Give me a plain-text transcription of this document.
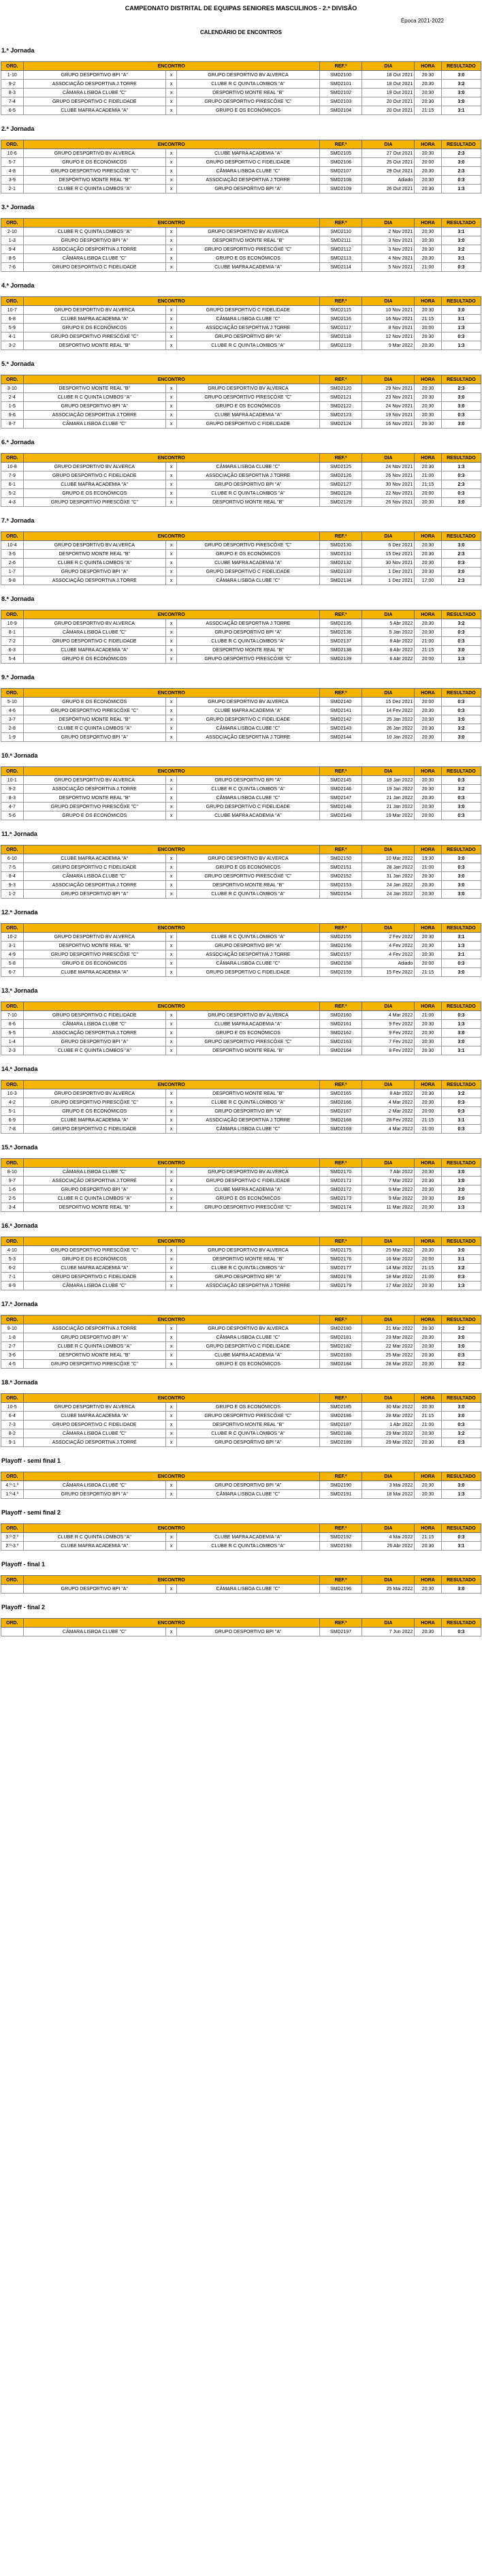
CAMPEONATO DISTRITAL DE EQUIPAS SENIORES MASCULINOS - 2.ª DIVISÃO
Época 2021-2022
CALENDÁRIO DE ENCONTROS
1.ª Jornada
ORD.	ENCONTRO			REF.ª	DIA	HORA	RESULTADO
1-10	GRUPO DESPORTIVO BPI "A"	x	GRUPO DESPORTIVO BV ALVERCA	SMD2100	18 Out 2021	20:30	3:0
9-2	ASSOCIAÇÃO DESPORTIVA J.TORRE	x	CLUBE R C QUINTA LOMBOS "A"	SMD2101	18 Out 2021	20:30	3:2
8-3	CÂMARA LISBOA CLUBE "C"	x	DESPORTIVO MONTE REAL "B"	SMD2102	19 Out 2021	20:30	3:0
7-4	GRUPO DESPORTIVO C FIDELIDADE	x	GRUPO DESPORTIVO PIRESCÔXE "C"	SMD2103	20 Out 2021	20:30	3:0
6-5	CLUBE MAFRA ACADEMIA "A"	x	GRUPO E OS ECONÓMICOS	SMD2104	20 Out 2021	21:15	3:1
2.ª Jornada
ORD.	ENCONTRO			REF.ª	DIA	HORA	RESULTADO
10-6	GRUPO DESPORTIVO BV ALVERCA	x	CLUBE MAFRA ACADEMIA "A"	SMD2105	27 Out 2021	20:30	2:3
5-7	GRUPO E OS ECONÓMICOS	x	GRUPO DESPORTIVO C FIDELIDADE	SMD2106	25 Out 2021	20:00	3:0
4-8	GRUPO DESPORTIVO PIRESCÔXE "C"	x	CÂMARA LISBOA CLUBE "C"	SMD2107	29 Out 2021	20:30	2:3
3-9	DESPORTIVO MONTE REAL "B"	x	ASSOCIAÇÃO DESPORTIVA J.TORRE	SMD2108	Adiado	20:30	0:3
2-1	CLUBE R C QUINTA LOMBOS "A"	x	GRUPO DESPORTIVO BPI "A"	SMD2109	26 Out 2021	20:30	1:3
3.ª Jornada
ORD.	ENCONTRO			REF.ª	DIA	HORA	RESULTADO
2-10	CLUBE R C QUINTA LOMBOS "A"	x	GRUPO DESPORTIVO BV ALVERCA	SMD2110	2 Nov 2021	20:30	3:1
1-3	GRUPO DESPORTIVO BPI "A"	x	DESPORTIVO MONTE REAL "B"	SMD2111	3 Nov 2021	20:30	3:0
9-4	ASSOCIAÇÃO DESPORTIVA J.TORRE	x	GRUPO DESPORTIVO PIRESCÔXE "C"	SMD2112	3 Nov 2021	20:30	3:2
8-5	CÂMARA LISBOA CLUBE "C"	x	GRUPO E OS ECONÓMICOS	SMD2113	4 Nov 2021	20:30	3:1
7-6	GRUPO DESPORTIVO C FIDELIDADE	x	CLUBE MAFRA ACADEMIA "A"	SMD2114	5 Nov 2021	21:00	0:3
4.ª Jornada
ORD.	ENCONTRO			REF.ª	DIA	HORA	RESULTADO
10-7	GRUPO DESPORTIVO BV ALVERCA	x	GRUPO DESPORTIVO C FIDELIDADE	SMD2115	10 Nov 2021	20:30	3:0
6-8	CLUBE MAFRA ACADEMIA "A"	x	CÂMARA LISBOA CLUBE "C"	SMD2116	16 Nov 2021	21:15	3:1
5-9	GRUPO E OS ECONÓMICOS	x	ASSOCIAÇÃO DESPORTIVA J.TORRE	SMD2117	8 Nov 2021	20:00	1:3
4-1	GRUPO DESPORTIVO PIRESCÔXE "C"	x	GRUPO DESPORTIVO BPI "A"	SMD2118	12 Nov 2021	20:30	0:3
3-2	DESPORTIVO MONTE REAL "B"	x	CLUBE R C QUINTA LOMBOS "A"	SMD2119	9 Mar 2022	20:30	1:3
5.ª Jornada
ORD.	ENCONTRO			REF.ª	DIA	HORA	RESULTADO
3-10	DESPORTIVO MONTE REAL "B"	x	GRUPO DESPORTIVO BV ALVERCA	SMD2120	29 Nov 2021	20:30	2:3
2-4	CLUBE R C QUINTA LOMBOS "A"	x	GRUPO DESPORTIVO PIRESCÔXE "C"	SMD2121	23 Nov 2021	20:30	3:0
1-5	GRUPO DESPORTIVO BPI "A"	x	GRUPO E OS ECONÓMICOS	SMD2122	24 Nov 2021	20:30	3:0
9-6	ASSOCIAÇÃO DESPORTIVA J.TORRE	x	CLUBE MAFRA ACADEMIA "A"	SMD2123	19 Nov 2021	20:30	0:3
8-7	CÂMARA LISBOA CLUBE "C"	x	GRUPO DESPORTIVO C FIDELIDADE	SMD2124	16 Nov 2021	20:30	3:0
6.ª Jornada
ORD.	ENCONTRO			REF.ª	DIA	HORA	RESULTADO
10-8	GRUPO DESPORTIVO BV ALVERCA	x	CÂMARA LISBOA CLUBE "C"	SMD2125	24 Nov 2021	20:30	1:3
7-9	GRUPO DESPORTIVO C FIDELIDADE	x	ASSOCIAÇÃO DESPORTIVA J.TORRE	SMD2126	26 Nov 2021	21:00	0:3
6-1	CLUBE MAFRA ACADEMIA "A"	x	GRUPO DESPORTIVO BPI "A"	SMD2127	30 Nov 2021	21:15	2:3
5-2	GRUPO E OS ECONÓMICOS	x	CLUBE R C QUINTA LOMBOS "A"	SMD2128	22 Nov 2021	20:00	0:3
4-3	GRUPO DESPORTIVO PIRESCÔXE "C"	x	DESPORTIVO MONTE REAL "B"	SMD2129	26 Nov 2021	20:30	3:0
7.ª Jornada
ORD.	ENCONTRO			REF.ª	DIA	HORA	RESULTADO
10-4	GRUPO DESPORTIVO BV ALVERCA	x	GRUPO DESPORTIVO PIRESCÔXE "C"	SMD2130	6 Dez 2021	20:30	3:0
3-5	DESPORTIVO MONTE REAL "B"	x	GRUPO E OS ECONÓMICOS	SMD2131	15 Dez 2021	20:30	2:3
2-6	CLUBE R C QUINTA LOMBOS "A"	x	CLUBE MAFRA ACADEMIA "A"	SMD2132	30 Nov 2021	20:30	0:3
1-7	GRUPO DESPORTIVO BPI "A"	x	GRUPO DESPORTIVO C FIDELIDADE	SMD2133	1 Dez 2021	20:30	3:0
9-8	ASSOCIAÇÃO DESPORTIVA J.TORRE	x	CÂMARA LISBOA CLUBE "C"	SMD2134	1 Dez 2021	17:00	2:3
8.ª Jornada
ORD.	ENCONTRO			REF.ª	DIA	HORA	RESULTADO
10-9	GRUPO DESPORTIVO BV ALVERCA	x	ASSOCIAÇÃO DESPORTIVA J.TORRE	SMD2135	5 Abr 2022	20:30	3:2
8-1	CÂMARA LISBOA CLUBE "C"	x	GRUPO DESPORTIVO BPI "A"	SMD2136	5 Jan 2022	20:30	0:3
7-2	GRUPO DESPORTIVO C FIDELIDADE	x	CLUBE R C QUINTA LOMBOS "A"	SMD2137	8 Abr 2022	21:00	0:3
6-3	CLUBE MAFRA ACADEMIA "A"	x	DESPORTIVO MONTE REAL "B"	SMD2138	8 Abr 2022	21:15	3:0
5-4	GRUPO E OS ECONÓMICOS	x	GRUPO DESPORTIVO PIRESCÔXE "C"	SMD2139	6 Abr 2022	20:00	1:3
9.ª Jornada
ORD.	ENCONTRO			REF.ª	DIA	HORA	RESULTADO
5-10	GRUPO E OS ECONÓMICOS	x	GRUPO DESPORTIVO BV ALVERCA	SMD2140	15 Dez 2021	20:00	0:3
4-6	GRUPO DESPORTIVO PIRESCÔXE "C"	x	CLUBE MAFRA ACADEMIA "A"	SMD2141	14 Fev 2022	20:30	0:3
3-7	DESPORTIVO MONTE REAL "B"	x	GRUPO DESPORTIVO C FIDELIDADE	SMD2142	25 Jan 2022	20:30	3:0
2-8	CLUBE R C QUINTA LOMBOS "A"	x	CÂMARA LISBOA CLUBE "C"	SMD2143	26 Jan 2022	20:30	3:2
1-9	GRUPO DESPORTIVO BPI "A"	x	ASSOCIAÇÃO DESPORTIVA J.TORRE	SMD2144	10 Jan 2022	20:30	3:0
10.ª Jornada
ORD.	ENCONTRO			REF.ª	DIA	HORA	RESULTADO
10-1	GRUPO DESPORTIVO BV ALVERCA	x	GRUPO DESPORTIVO BPI "A"	SMD2145	19 Jan 2022	20:30	0:3
9-2	ASSOCIAÇÃO DESPORTIVA J.TORRE	x	CLUBE R C QUINTA LOMBOS "A"	SMD2146	19 Jan 2022	20:30	3:2
8-3	DESPORTIVO MONTE REAL "B"	x	CÂMARA LISBOA CLUBE "C"	SMD2147	21 Jan 2022	20:30	0:3
4-7	GRUPO DESPORTIVO PIRESCÔXE "C"	x	GRUPO DESPORTIVO C FIDELIDADE	SMD2148	21 Jan 2022	20:30	3:0
5-6	GRUPO E OS ECONÓMICOS	x	CLUBE MAFRA ACADEMIA "A"	SMD2149	19 Mar 2022	20:00	0:3
11.ª Jornada
ORD.	ENCONTRO			REF.ª	DIA	HORA	RESULTADO
6-10	CLUBE MAFRA ACADEMIA "A"	x	GRUPO DESPORTIVO BV ALVERCA	SMD2150	10 Mar 2022	19:30	3:0
7-5	GRUPO DESPORTIVO C FIDELIDADE	x	GRUPO E OS ECONÓMICOS	SMD2151	28 Jan 2022	21:00	0:3
8-4	CÂMARA LISBOA CLUBE "C"	x	GRUPO DESPORTIVO PIRESCÔXE "C"	SMD2152	31 Jan 2022	20:30	3:0
9-3	ASSOCIAÇÃO DESPORTIVA J.TORRE	x	DESPORTIVO MONTE REAL "B"	SMD2153	24 Jan 2022	20:30	3:0
1-2	GRUPO DESPORTIVO BPI "A"	x	CLUBE R C QUINTA LOMBOS "A"	SMD2154	24 Jan 2022	20:30	3:0
12.ª Jornada
ORD.	ENCONTRO			REF.ª	DIA	HORA	RESULTADO
10-2	GRUPO DESPORTIVO BV ALVERCA	x	CLUBE R C QUINTA LOMBOS "A"	SMD2155	2 Fev 2022	20:30	3:1
3-1	DESPORTIVO MONTE REAL "B"	x	GRUPO DESPORTIVO BPI "A"	SMD2156	4 Fev 2022	20:30	1:3
4-9	GRUPO DESPORTIVO PIRESCÔXE "C"	x	ASSOCIAÇÃO DESPORTIVA J.TORRE	SMD2157	4 Fev 2022	20:30	3:1
5-8	GRUPO E OS ECONÓMICOS	x	CÂMARA LISBOA CLUBE "C"	SMD2158	Adiado	20:00	0:3
6-7	CLUBE MAFRA ACADEMIA "A"	x	GRUPO DESPORTIVO C FIDELIDADE	SMD2159	15 Fev 2022	21:15	3:0
13.ª Jornada
ORD.	ENCONTRO			REF.ª	DIA	HORA	RESULTADO
7-10	GRUPO DESPORTIVO C FIDELIDADE	x	GRUPO DESPORTIVO BV ALVERCA	SMD2160	4 Mar 2022	21:00	0:3
8-6	CÂMARA LISBOA CLUBE "C"	x	CLUBE MAFRA ACADEMIA "A"	SMD2161	9 Fev 2022	20:30	1:3
9-5	ASSOCIAÇÃO DESPORTIVA J.TORRE	x	GRUPO E OS ECONÓMICOS	SMD2162	9 Fev 2022	20:30	3:0
1-4	GRUPO DESPORTIVO BPI "A"	x	GRUPO DESPORTIVO PIRESCÔXE "C"	SMD2163	7 Fev 2022	20:30	3:0
2-3	CLUBE R C QUINTA LOMBOS "A"	x	DESPORTIVO MONTE REAL "B"	SMD2164	8 Fev 2022	20:30	3:1
14.ª Jornada
ORD.	ENCONTRO			REF.ª	DIA	HORA	RESULTADO
10-3	GRUPO DESPORTIVO BV ALVERCA	x	DESPORTIVO MONTE REAL "B"	SMD2165	8 Abr 2022	20:30	3:2
4-2	GRUPO DESPORTIVO PIRESCÔXE "C"	x	CLUBE R C QUINTA LOMBOS "A"	SMD2166	4 Mar 2022	20:30	0:3
5-1	GRUPO E OS ECONÓMICOS	x	GRUPO DESPORTIVO BPI "A"	SMD2167	2 Mar 2022	20:00	0:3
6-9	CLUBE MAFRA ACADEMIA "A"	x	ASSOCIAÇÃO DESPORTIVA J.TORRE	SMD2168	28 Fev 2022	21:15	3:1
7-8	GRUPO DESPORTIVO C FIDELIDADE	x	CÂMARA LISBOA CLUBE "C"	SMD2169	4 Mar 2022	21:00	0:3
15.ª Jornada
ORD.	ENCONTRO			REF.ª	DIA	HORA	RESULTADO
8-10	CÂMARA LISBOA CLUBE "C"	x	GRUPO DESPORTIVO BV ALVERCA	SMD2170	7 Abr 2022	20:30	3:0
9-7	ASSOCIAÇÃO DESPORTIVA J.TORRE	x	GRUPO DESPORTIVO C FIDELIDADE	SMD2171	7 Mar 2022	20:30	3:0
1-6	GRUPO DESPORTIVO BPI "A"	x	CLUBE MAFRA ACADEMIA "A"	SMD2172	9 Mar 2022	20:30	3:0
2-5	CLUBE R C QUINTA LOMBOS "A"	x	GRUPO E OS ECONÓMICOS	SMD2173	9 Mar 2022	20:30	3:0
3-4	DESPORTIVO MONTE REAL "B"	x	GRUPO DESPORTIVO PIRESCÔXE "C"	SMD2174	11 Mar 2022	20:30	1:3
16.ª Jornada
ORD.	ENCONTRO			REF.ª	DIA	HORA	RESULTADO
4-10	GRUPO DESPORTIVO PIRESCÔXE "C"	x	GRUPO DESPORTIVO BV ALVERCA	SMD2175	25 Mar 2022	20:30	3:0
5-3	GRUPO E OS ECONÓMICOS	x	DESPORTIVO MONTE REAL "B"	SMD2176	16 Mar 2022	20:00	3:1
6-2	CLUBE MAFRA ACADEMIA "A"	x	CLUBE R C QUINTA LOMBOS "A"	SMD2177	14 Mar 2022	21:15	3:2
7-1	GRUPO DESPORTIVO C FIDELIDADE	x	GRUPO DESPORTIVO BPI "A"	SMD2178	18 Mar 2022	21:00	0:3
8-9	CÂMARA LISBOA CLUBE "C"	x	ASSOCIAÇÃO DESPORTIVA J.TORRE	SMD2179	17 Mar 2022	20:30	1:3
17.ª Jornada
ORD.	ENCONTRO			REF.ª	DIA	HORA	RESULTADO
9-10	ASSOCIAÇÃO DESPORTIVA J.TORRE	x	GRUPO DESPORTIVO BV ALVERCA	SMD2180	21 Mar 2022	20:30	3:2
1-8	GRUPO DESPORTIVO BPI "A"	x	CÂMARA LISBOA CLUBE "C"	SMD2181	23 Mar 2022	20:30	3:0
2-7	CLUBE R C QUINTA LOMBOS "A"	x	GRUPO DESPORTIVO C FIDELIDADE	SMD2182	22 Mar 2022	20:30	3:0
3-6	DESPORTIVO MONTE REAL "B"	x	CLUBE MAFRA ACADEMIA "A"	SMD2183	25 Mar 2022	20:30	0:3
4-5	GRUPO DESPORTIVO PIRESCÔXE "C"	x	GRUPO E OS ECONÓMICOS	SMD2184	28 Mar 2022	20:30	3:2
18.ª Jornada
ORD.	ENCONTRO			REF.ª	DIA	HORA	RESULTADO
10-5	GRUPO DESPORTIVO BV ALVERCA	x	GRUPO E OS ECONÓMICOS	SMD2185	30 Mar 2022	20:30	3:0
6-4	CLUBE MAFRA ACADEMIA "A"	x	GRUPO DESPORTIVO PIRESCÔXE "C"	SMD2186	28 Mar 2022	21:15	3:0
7-3	GRUPO DESPORTIVO C FIDELIDADE	x	DESPORTIVO MONTE REAL "B"	SMD2187	1 Abr 2022	21:00	0:3
8-2	CÂMARA LISBOA CLUBE "C"	x	CLUBE R C QUINTA LOMBOS "A"	SMD2188	29 Mar 2022	20:30	3:2
9-1	ASSOCIAÇÃO DESPORTIVA J.TORRE	x	GRUPO DESPORTIVO BPI "A"	SMD2189	29 Mar 2022	20:30	0:3
Playoff - semi final 1
ORD.	ENCONTRO			REF.ª	DIA	HORA	RESULTADO
4.º-1.º	CÂMARA LISBOA CLUBE "C"	x	GRUPO DESPORTIVO BPI "A"	SMD2190	3 Mai 2022	20:30	3:0
1.º-4.º	GRUPO DESPORTIVO BPI "A"	x	CÂMARA LISBOA CLUBE "C"	SMD2191	18 Mai 2022	20:30	1:3
Playoff - semi final 2
ORD.	ENCONTRO			REF.ª	DIA	HORA	RESULTADO
3.º-2.º	CLUBE R C QUINTA LOMBOS "A"	x	CLUBE MAFRA ACADEMIA "A"	SMD2192	4 Mai 2022	21:15	0:3
2.º-3.º	CLUBE MAFRA ACADEMIA "A"	x	CLUBE R C QUINTA LOMBOS "A"	SMD2193	26 Abr 2022	20:30	3:1
Playoff - final 1
ORD.	ENCONTRO			REF.ª	DIA	HORA	RESULTADO
	GRUPO DESPORTIVO BPI "A"	x	CÂMARA LISBOA CLUBE "C"	SMD2196	25 Mai 2022	20:30	3:0
Playoff - final 2
ORD.	ENCONTRO			REF.ª	DIA	HORA	RESULTADO
	CÂMARA LISBOA CLUBE "C"	x	GRUPO DESPORTIVO BPI "A"	SMD2197	7 Jun 2022	20:30	0:3
